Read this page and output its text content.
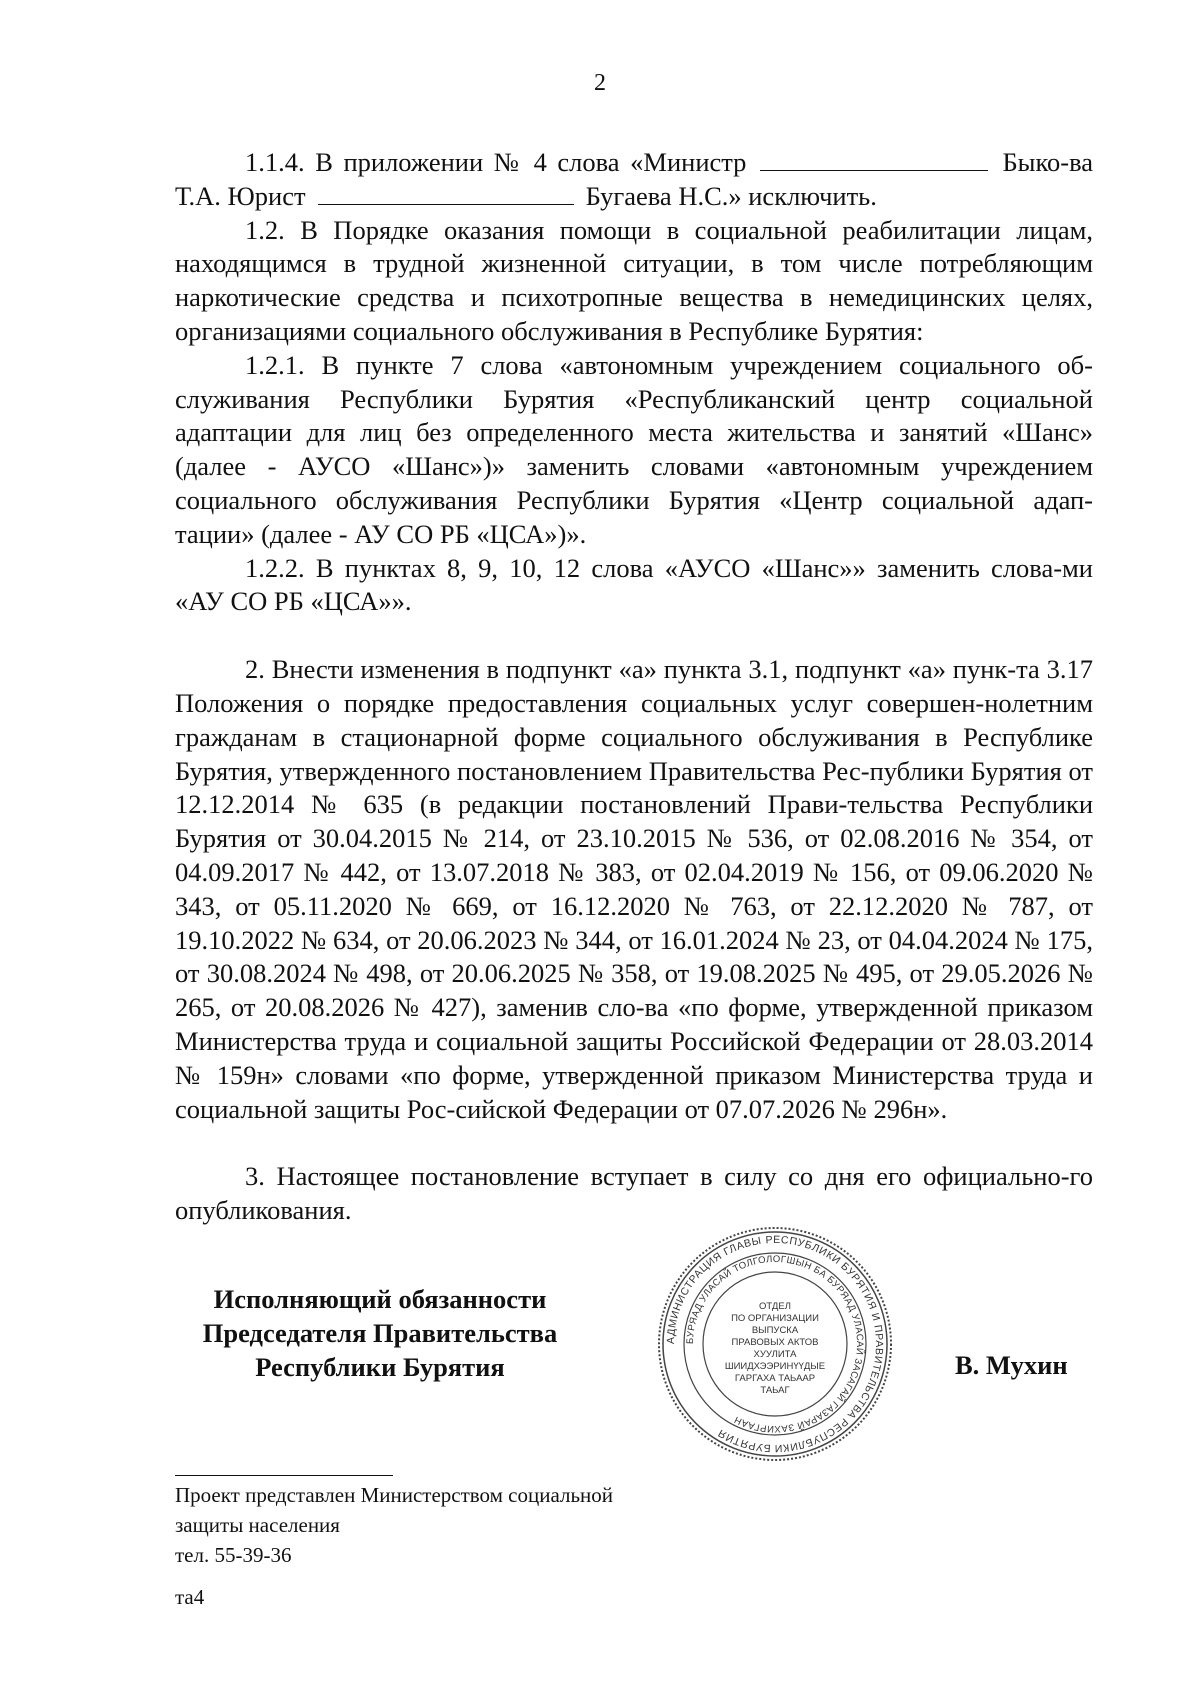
2

1.1.4. В приложении № 4 слова «Министр	Быко-ва Т.А. Юрист	Бугаева Н.С.» исключить.

1.2. В Порядке оказания помощи в социальной реабилитации лицам, находящимся в трудной жизненной ситуации, в том числе потребляющим наркотические средства и психотропные вещества в немедицинских целях, организациями социального обслуживания в Республике Бурятия:

1.2.1. В пункте 7 слова «автономным учреждением социального об-служивания Республики Бурятия «Республиканский центр социальной адаптации для лиц без определенного места жительства и занятий «Шанс» (далее - АУСО «Шанс»)» заменить словами «автономным учреждением социального обслуживания Республики Бурятия «Центр социальной адап-тации» (далее - АУ СО РБ «ЦСА»)».

1.2.2. В пунктах 8, 9, 10, 12 слова «АУСО «Шанс»» заменить слова-ми «АУ СО РБ «ЦСА»».

2. Внести изменения в подпункт «а» пункта 3.1, подпункт «а» пунк-та 3.17 Положения о порядке предоставления социальных услуг совершен-нолетним гражданам в стационарной форме социального обслуживания в Республике Бурятия, утвержденного постановлением Правительства Рес-публики Бурятия от 12.12.2014 № 635 (в редакции постановлений Прави-тельства Республики Бурятия от 30.04.2015 № 214, от 23.10.2015 № 536, от 02.08.2016 № 354, от 04.09.2017 № 442, от 13.07.2018 № 383, от 02.04.2019 № 156, от 09.06.2020 № 343, от 05.11.2020 № 669, от 16.12.2020 № 763, от 22.12.2020 № 787, от 19.10.2022 № 634, от 20.06.2023 № 344, от 16.01.2024 № 23, от 04.04.2024 № 175, от 30.08.2024 № 498, от 20.06.2025 № 358, от 19.08.2025 № 495, от 29.05.2026 № 265, от 20.08.2026 № 427), заменив сло-ва «по форме, утвержденной приказом Министерства труда и социальной защиты Российской Федерации от 28.03.2014 № 159н» словами «по форме, утвержденной приказом Министерства труда и социальной защиты Рос-сийской Федерации от 07.07.2026 № 296н».

3. Настоящее постановление вступает в силу со дня его официально-го опубликования.

Исполняющий обязанности
Председателя Правительства
Республики Бурятия
АДМИНИСТРАЦИЯ ГЛАВЫ РЕСПУБЛИКИ БУРЯТИЯ И ПРАВИТЕЛЬСТВА РЕСПУБЛИКИ БУРЯТИЯ
БУРЯАД УЛАСАЙ ТОЛГОЛОГШЫН БА БУРЯАД УЛАСАЙ ЗАСАГАЙ ГАЗАРАЙ ЗАХИРГААН
ОТДЕЛ
ПО ОРГАНИЗАЦИИ
ВЫПУСКА
ПРАВОВЫХ АКТОВ
ХУУЛИТА
ШИИДХЭЭРИНҮҮДЫЕ
ГАРГАХА ТАЬААР
ТАЬАГ
В. Мухин
Проект представлен Министерством социальной
защиты населения
тел. 55-39-36
та4
